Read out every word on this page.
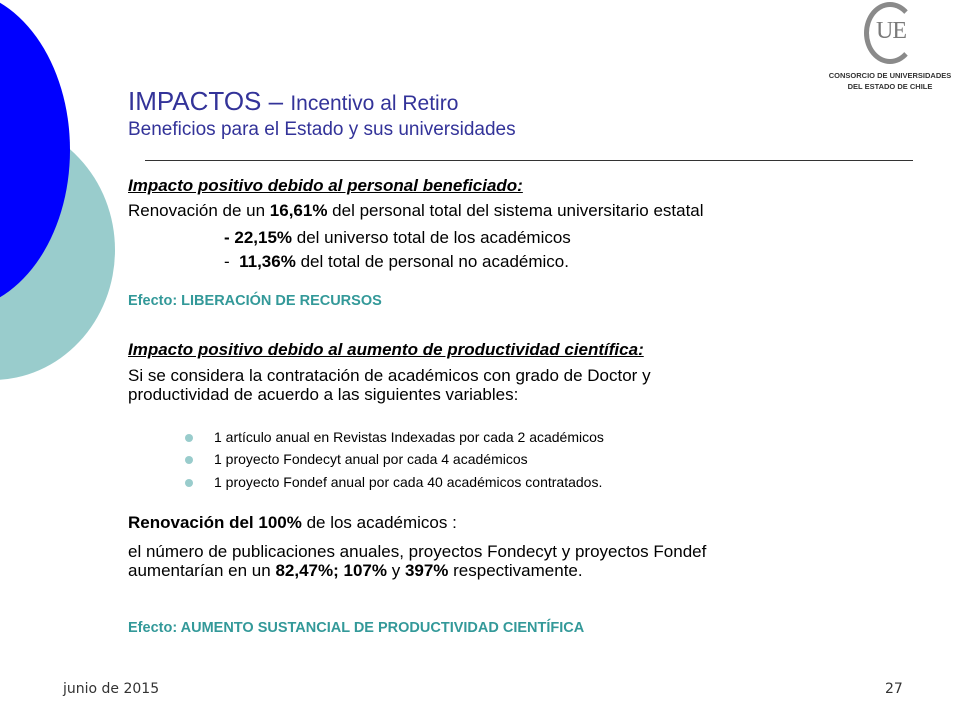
UE
CONSORCIO DE UNIVERSIDADES
DEL ESTADO DE CHILE
IMPACTOS – Incentivo al Retiro
Beneficios para el Estado y sus universidades
Impacto positivo debido al personal beneficiado:
Renovación de un 16,61% del personal total del sistema universitario estatal
- 22,15% del universo total de los académicos
-  11,36% del total de personal no académico.
Efecto: LIBERACIÓN DE RECURSOS
Impacto positivo debido al aumento de productividad científica:
Si se considera la contratación de académicos con grado de Doctor y
productividad de acuerdo a las siguientes variables:
1 artículo anual en Revistas Indexadas por cada 2 académicos
1 proyecto Fondecyt anual por cada 4 académicos
1 proyecto Fondef anual por cada 40 académicos contratados.
Renovación del 100% de los académicos :
el número de publicaciones anuales, proyectos Fondecyt y proyectos Fondef
aumentarían en un 82,47%; 107% y 397% respectivamente.
Efecto: AUMENTO SUSTANCIAL DE PRODUCTIVIDAD CIENTÍFICA
junio de 2015	27
